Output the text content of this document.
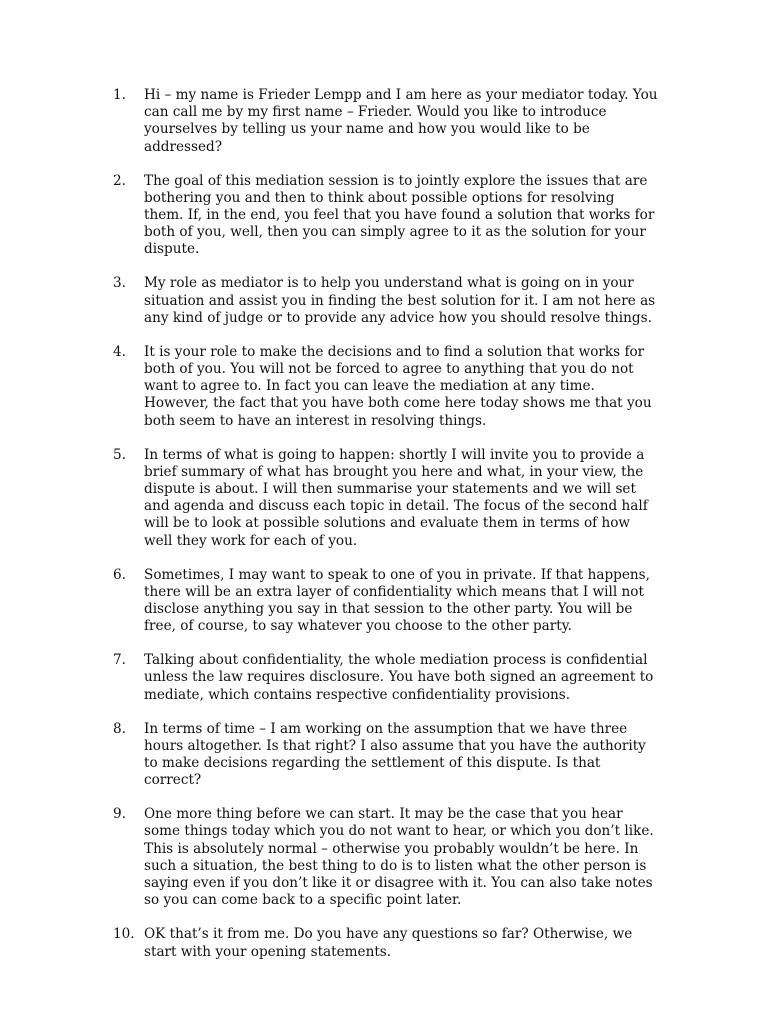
1.	Hi – my name is Frieder Lempp and I am here as your mediator today. You can call me by my first name – Frieder. Would you like to introduce yourselves by telling us your name and how you would like to be addressed?
2.	The goal of this mediation session is to jointly explore the issues that are bothering you and then to think about possible options for resolving them. If, in the end, you feel that you have found a solution that works for both of you, well, then you can simply agree to it as the solution for your dispute.
3.	My role as mediator is to help you understand what is going on in your situation and assist you in finding the best solution for it. I am not here as any kind of judge or to provide any advice how you should resolve things.
4.	It is your role to make the decisions and to find a solution that works for both of you. You will not be forced to agree to anything that you do not want to agree to. In fact you can leave the mediation at any time. However, the fact that you have both come here today shows me that you both seem to have an interest in resolving things.
5.	In terms of what is going to happen: shortly I will invite you to provide a brief summary of what has brought you here and what, in your view, the dispute is about. I will then summarise your statements and we will set and agenda and discuss each topic in detail. The focus of the second half will be to look at possible solutions and evaluate them in terms of how well they work for each of you.
6.	Sometimes, I may want to speak to one of you in private. If that happens, there will be an extra layer of confidentiality which means that I will not disclose anything you say in that session to the other party. You will be free, of course, to say whatever you choose to the other party.
7.	Talking about confidentiality, the whole mediation process is confidential unless the law requires disclosure. You have both signed an agreement to mediate, which contains respective confidentiality provisions.
8.	In terms of time – I am working on the assumption that we have three hours altogether. Is that right? I also assume that you have the authority to make decisions regarding the settlement of this dispute. Is that correct?
9.	One more thing before we can start. It may be the case that you hear some things today which you do not want to hear, or which you don’t like. This is absolutely normal – otherwise you probably wouldn’t be here. In such a situation, the best thing to do is to listen what the other person is saying even if you don’t like it or disagree with it. You can also take notes so you can come back to a specific point later.
10. OK that’s it from me. Do you have any questions so far? Otherwise, we start with your opening statements.
